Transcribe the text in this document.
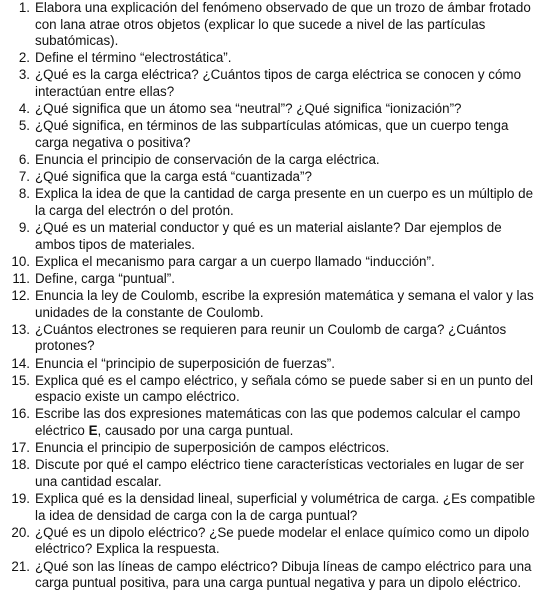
1. Elabora una explicación del fenómeno observado de que un trozo de ámbar frotado con lana atrae otros objetos (explicar lo que sucede a nivel de las partículas subatómicas).
2. Define el término “electrostática”.
3. ¿Qué es la carga eléctrica? ¿Cuántos tipos de carga eléctrica se conocen y cómo interactúan entre ellas?
4. ¿Qué significa que un átomo sea “neutral”? ¿Qué significa “ionización”?
5. ¿Qué significa, en términos de las subpartículas atómicas, que un cuerpo tenga carga negativa o positiva?
6. Enuncia el principio de conservación de la carga eléctrica.
7. ¿Qué significa que la carga está “cuantizada”?
8. Explica la idea de que la cantidad de carga presente en un cuerpo es un múltiplo de la carga del electrón o del protón.
9. ¿Qué es un material conductor y qué es un material aislante? Dar ejemplos de ambos tipos de materiales.
10. Explica el mecanismo para cargar a un cuerpo llamado “inducción”.
11. Define, carga “puntual”.
12. Enuncia la ley de Coulomb, escribe la expresión matemática y semana el valor y las unidades de la constante de Coulomb.
13. ¿Cuántos electrones se requieren para reunir un Coulomb de carga? ¿Cuántos protones?
14. Enuncia el “principio de superposición de fuerzas”.
15. Explica qué es el campo eléctrico, y señala cómo se puede saber si en un punto del espacio existe un campo eléctrico.
16. Escribe las dos expresiones matemáticas con las que podemos calcular el campo eléctrico E, causado por una carga puntual.
17. Enuncia el principio de superposición de campos eléctricos.
18. Discute por qué el campo eléctrico tiene características vectoriales en lugar de ser una cantidad escalar.
19. Explica qué es la densidad lineal, superficial y volumétrica de carga. ¿Es compatible la idea de densidad de carga con la de carga puntual?
20. ¿Qué es un dipolo eléctrico? ¿Se puede modelar el enlace químico como un dipolo eléctrico? Explica la respuesta.
21. ¿Qué son las líneas de campo eléctrico? Dibuja líneas de campo eléctrico para una carga puntual positiva, para una carga puntual negativa y para un dipolo eléctrico.
